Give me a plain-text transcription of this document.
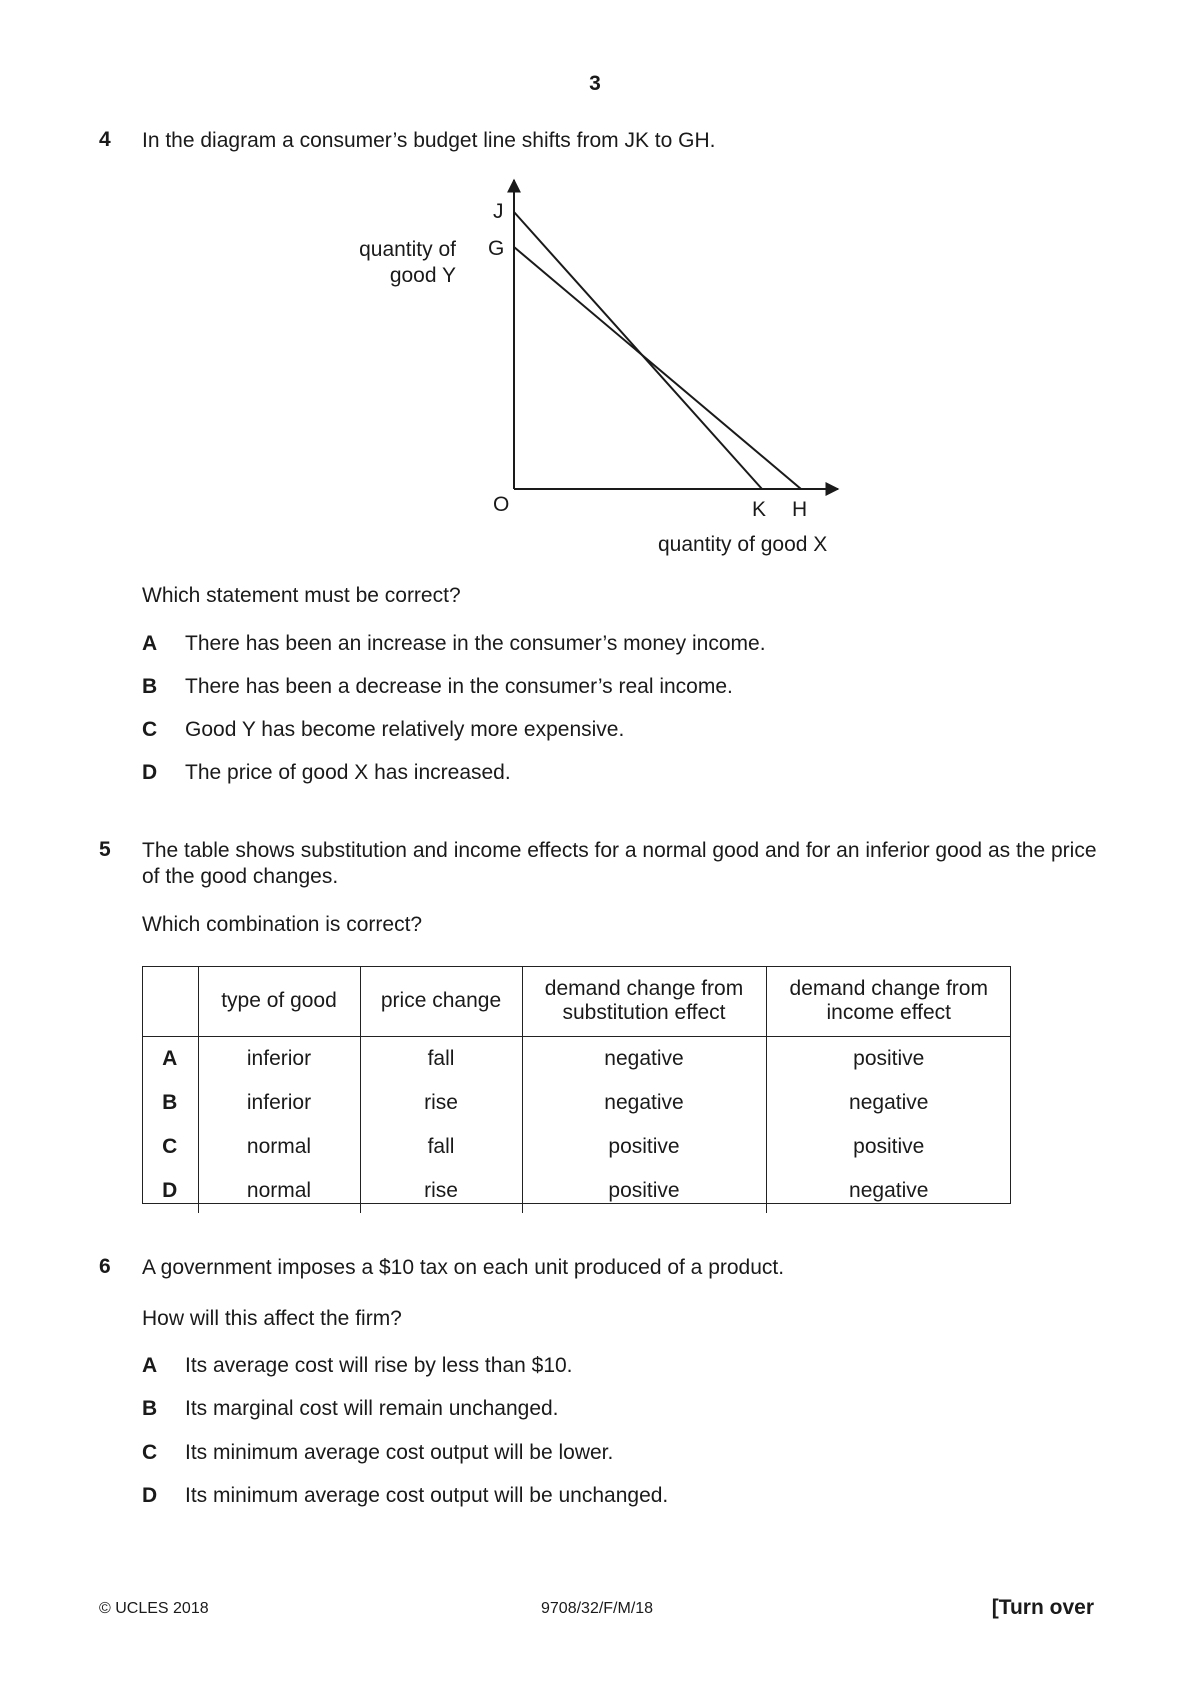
3
4 In the diagram a consumer’s budget line shifts from JK to GH.
J
G
quantity of
good Y
O	K H
quantity of good X
Which statement must be correct?
A There has been an increase in the consumer’s money income.
B There has been a decrease in the consumer’s real income.
C Good Y has become relatively more expensive.
D The price of good X has increased.
5 The table shows substitution and income effects for a normal good and for an inferior good as the price of the good changes.
Which combination is correct?
	type of good	price change	demand change from substitution effect	demand change from income effect
A	inferior	fall	negative	positive
B	inferior	rise	negative	negative
C	normal	fall	positive	positive
D	normal	rise	positive	negative
6 A government imposes a $10 tax on each unit produced of a product.
How will this affect the firm?
A Its average cost will rise by less than $10.
B Its marginal cost will remain unchanged.
C Its minimum average cost output will be lower.
D Its minimum average cost output will be unchanged.
© UCLES 2018	9708/32/F/M/18	[Turn over
